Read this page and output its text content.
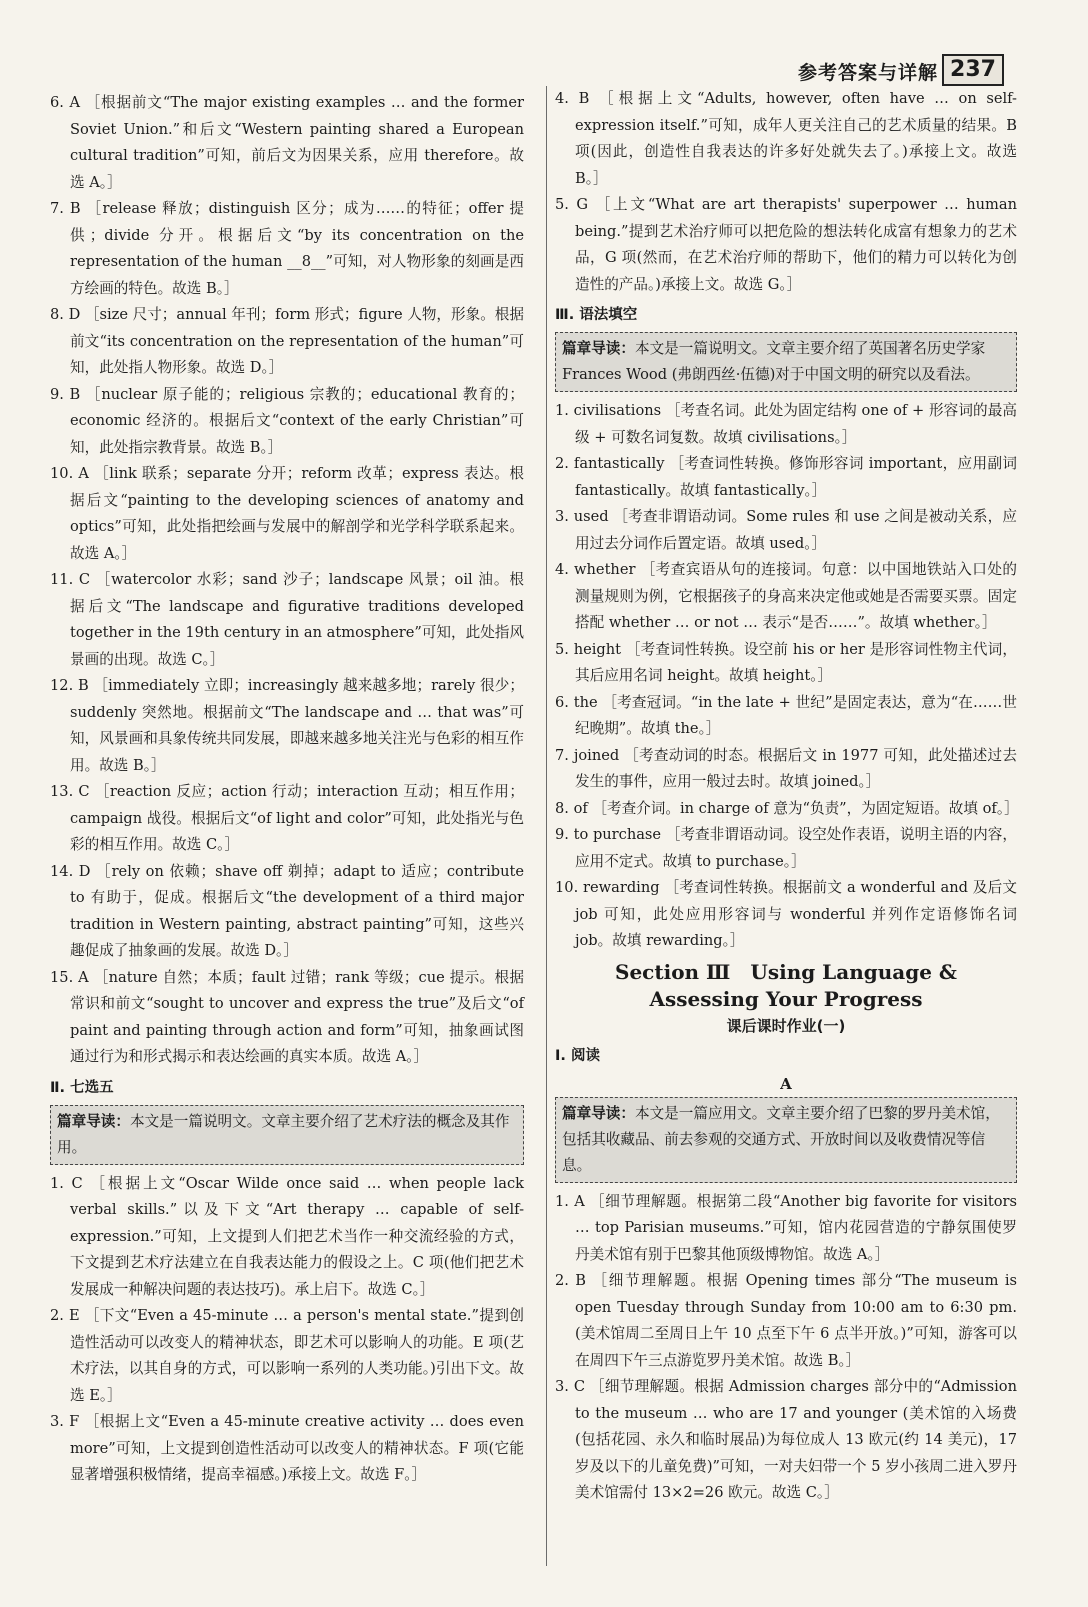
参考答案与详解 237

6. A ［根据前文“The major existing examples … and the former Soviet Union.”和后文“Western painting shared a European cultural tradition”可知，前后文为因果关系，应用 therefore。故选 A。］

7. B ［release 释放；distinguish 区分；成为……的特征；offer 提供；divide 分开。根据后文“by its concentration on the representation of the human __8__”可知，对人物形象的刻画是西方绘画的特色。故选 B。］

8. D ［size 尺寸；annual 年刊；form 形式；figure 人物，形象。根据前文“its concentration on the representation of the human”可知，此处指人物形象。故选 D。］

9. B ［nuclear 原子能的；religious 宗教的；educational 教育的；economic 经济的。根据后文“context of the early Christian”可知，此处指宗教背景。故选 B。］

10. A ［link 联系；separate 分开；reform 改革；express 表达。根据后文“painting to the developing sciences of anatomy and optics”可知，此处指把绘画与发展中的解剖学和光学科学联系起来。故选 A。］

11. C ［watercolor 水彩；sand 沙子；landscape 风景；oil 油。根据后文“The landscape and figurative traditions developed together in the 19th century in an atmosphere”可知，此处指风景画的出现。故选 C。］

12. B ［immediately 立即；increasingly 越来越多地；rarely 很少；suddenly 突然地。根据前文“The landscape and … that was”可知，风景画和具象传统共同发展，即越来越多地关注光与色彩的相互作用。故选 B。］

13. C ［reaction 反应；action 行动；interaction 互动；相互作用；campaign 战役。根据后文“of light and color”可知，此处指光与色彩的相互作用。故选 C。］

14. D ［rely on 依赖；shave off 剃掉；adapt to 适应；contribute to 有助于，促成。根据后文“the development of a third major tradition in Western painting, abstract painting”可知，这些兴趣促成了抽象画的发展。故选 D。］

15. A ［nature 自然；本质；fault 过错；rank 等级；cue 提示。根据常识和前文“sought to uncover and express the true”及后文“of paint and painting through action and form”可知，抽象画试图通过行为和形式揭示和表达绘画的真实本质。故选 A。］

Ⅱ. 七选五
篇章导读：本文是一篇说明文。文章主要介绍了艺术疗法的概念及其作用。

1. C ［根据上文“Oscar Wilde once said … when people lack verbal skills.”以及下文“Art therapy … capable of self-expression.”可知，上文提到人们把艺术当作一种交流经验的方式，下文提到艺术疗法建立在自我表达能力的假设之上。C 项(他们把艺术发展成一种解决问题的表达技巧)。承上启下。故选 C。］

2. E ［下文“Even a 45-minute … a person's mental state.”提到创造性活动可以改变人的精神状态，即艺术可以影响人的功能。E 项(艺术疗法，以其自身的方式，可以影响一系列的人类功能。)引出下文。故选 E。］

3. F ［根据上文“Even a 45-minute creative activity … does even more”可知，上文提到创造性活动可以改变人的精神状态。F 项(它能显著增强积极情绪，提高幸福感。)承接上文。故选 F。］

4. B ［根据上文“Adults, however, often have … on self-expression itself.”可知，成年人更关注自己的艺术质量的结果。B 项(因此，创造性自我表达的许多好处就失去了。)承接上文。故选 B。］

5. G ［上文“What are art therapists' superpower … human being.”提到艺术治疗师可以把危险的想法转化成富有想象力的艺术品，G 项(然而，在艺术治疗师的帮助下，他们的精力可以转化为创造性的产品。)承接上文。故选 G。］

Ⅲ. 语法填空
篇章导读：本文是一篇说明文。文章主要介绍了英国著名历史学家 Frances Wood (弗朗西丝·伍德)对于中国文明的研究以及看法。

1. civilisations ［考查名词。此处为固定结构 one of + 形容词的最高级 + 可数名词复数。故填 civilisations。］

2. fantastically ［考查词性转换。修饰形容词 important，应用副词 fantastically。故填 fantastically。］

3. used ［考查非谓语动词。Some rules 和 use 之间是被动关系，应用过去分词作后置定语。故填 used。］

4. whether ［考查宾语从句的连接词。句意：以中国地铁站入口处的测量规则为例，它根据孩子的身高来决定他或她是否需要买票。固定搭配 whether … or not … 表示“是否……”。故填 whether。］

5. height ［考查词性转换。设空前 his or her 是形容词性物主代词，其后应用名词 height。故填 height。］

6. the ［考查冠词。“in the late + 世纪”是固定表达，意为“在……世纪晚期”。故填 the。］

7. joined ［考查动词的时态。根据后文 in 1977 可知，此处描述过去发生的事件，应用一般过去时。故填 joined。］

8. of ［考查介词。in charge of 意为“负责”，为固定短语。故填 of。］

9. to purchase ［考查非谓语动词。设空处作表语，说明主语的内容，应用不定式。故填 to purchase。］

10. rewarding ［考查词性转换。根据前文 a wonderful and 及后文 job 可知，此处应用形容词与 wonderful 并列作定语修饰名词 job。故填 rewarding。］

Section Ⅲ　Using Language &
Assessing Your Progress
课后课时作业(一)
Ⅰ. 阅读
A
篇章导读：本文是一篇应用文。文章主要介绍了巴黎的罗丹美术馆，包括其收藏品、前去参观的交通方式、开放时间以及收费情况等信息。

1. A ［细节理解题。根据第二段“Another big favorite for visitors … top Parisian museums.”可知，馆内花园营造的宁静氛围使罗丹美术馆有别于巴黎其他顶级博物馆。故选 A。］

2. B ［细节理解题。根据 Opening times 部分“The museum is open Tuesday through Sunday from 10:00 am to 6:30 pm.(美术馆周二至周日上午 10 点至下午 6 点半开放。)”可知，游客可以在周四下午三点游览罗丹美术馆。故选 B。］

3. C ［细节理解题。根据 Admission charges 部分中的“Admission to the museum … who are 17 and younger (美术馆的入场费(包括花园、永久和临时展品)为每位成人 13 欧元(约 14 美元)，17 岁及以下的儿童免费)”可知，一对夫妇带一个 5 岁小孩周二进入罗丹美术馆需付 13×2=26 欧元。故选 C。］
